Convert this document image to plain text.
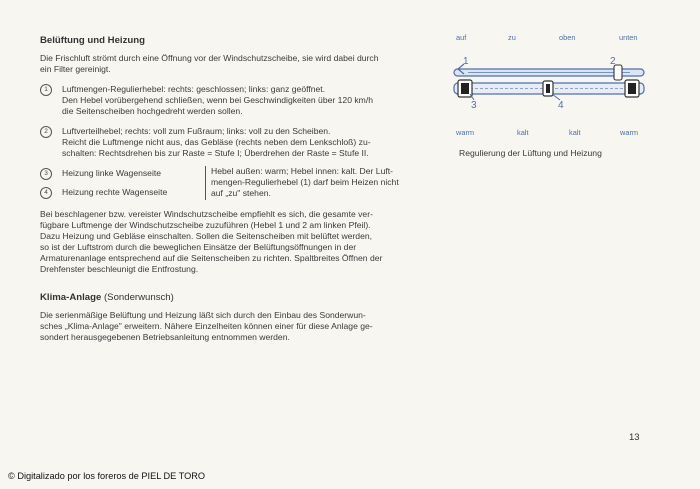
Belüftung und Heizung
Die Frischluft strömt durch eine Öffnung vor der Windschutzscheibe, sie wird dabei durch
ein Filter gereinigt.
1	Luftmengen-Regulierhebel: rechts: geschlossen; links: ganz geöffnet.
Den Hebel vorübergehend schließen, wenn bei Geschwindigkeiten über 120 km/h
die Seitenscheiben hochgedreht werden sollen.
2	Luftverteilhebel; rechts: voll zum Fußraum; links: voll zu den Scheiben.
Reicht die Luftmenge nicht aus, das Gebläse (rechts neben dem Lenkschloß) zu-
schalten: Rechtsdrehen bis zur Raste = Stufe I; Überdrehen der Raste = Stufe II.
3	Heizung linke Wagenseite
4	Heizung rechte Wagenseite
Hebel außen: warm; Hebel innen: kalt. Der Luft-
mengen-Regulierhebel (1) darf beim Heizen nicht
auf „zu" stehen.
Bei beschlagener bzw. vereister Windschutzscheibe empfiehlt es sich, die gesamte ver-
fügbare Luftmenge der Windschutzscheibe zuzuführen (Hebel 1 und 2 am linken Pfeil).
Dazu Heizung und Gebläse einschalten. Sollen die Seitenscheiben mit belüftet werden,
so ist der Luftstrom durch die beweglichen Einsätze der Belüftungsöffnungen in der
Armaturenanlage entsprechend auf die Seitenscheiben zu richten. Spaltbreites Öffnen der
Drehfenster beschleunigt die Entfrostung.
Klima-Anlage (Sonderwunsch)
Die serienmäßige Belüftung und Heizung läßt sich durch den Einbau des Sonderwun-
sches „Klima-Anlage" erweitern. Nähere Einzelheiten können einer für diese Anlage ge-
sondert herausgegebenen Betriebsanleitung entnommen werden.
auf	zu	oben	unten
1	2
3	4
warm	kalt	kalt	warm
Regulierung der Lüftung und Heizung
13
© Digitalizado por los foreros de PIEL DE TORO
